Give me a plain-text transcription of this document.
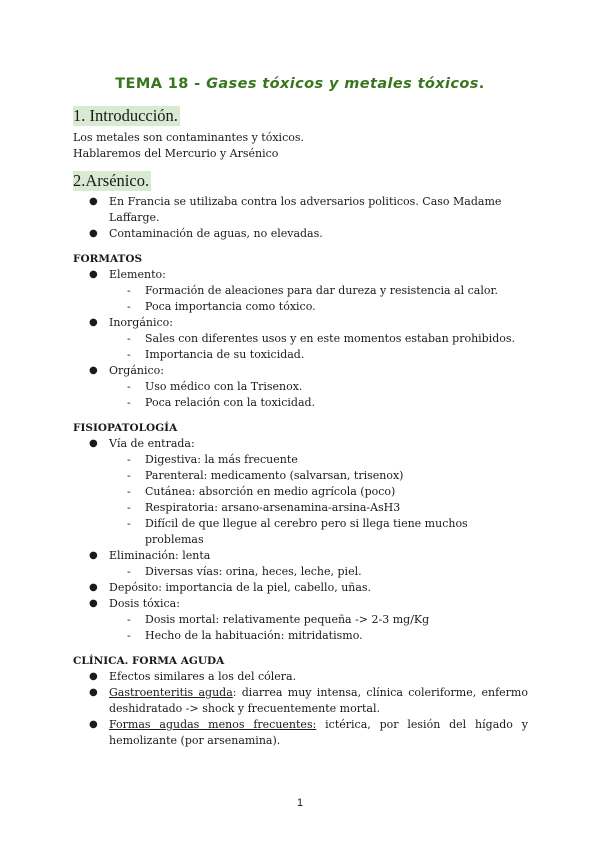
TEMA 18 - Gases tóxicos y metales tóxicos.
1. Introducción.

Los metales son contaminantes y tóxicos.

Hablaremos del Mercurio y Arsénico

2.Arsénico.
● En Francia se utilizaba contra los adversarios politicos. Caso Madame Laffarge.
● Contaminación de aguas, no elevadas.

FORMATOS

● Elemento:
- Formación de aleaciones para dar dureza y resistencia al calor.
- Poca importancia como tóxico.
● Inorgánico:
- Sales con diferentes usos y en este momentos estaban prohibidos.
- Importancia de su toxicidad.
● Orgánico:
- Uso médico con la Trisenox.
- Poca relación con la toxicidad.

FISIOPATOLOGÍA

● Vía de entrada:
- Digestiva: la más frecuente
- Parenteral: medicamento (salvarsan, trisenox)
- Cutánea: absorción en medio agrícola (poco)
- Respiratoria: arsano-arsenamina-arsina-AsH3
- Difícil de que llegue al cerebro pero si llega tiene muchos problemas
● Eliminación: lenta
- Diversas vías: orina, heces, leche, piel.
● Depósito: importancia de la piel, cabello, uñas.
● Dosis tóxica:
- Dosis mortal: relativamente pequeña -> 2-3 mg/Kg
- Hecho de la habituación: mitridatismo.

CLÍNICA. FORMA AGUDA

● Efectos similares a los del cólera.
● Gastroenteritis aguda: diarrea muy intensa, clínica coleriforme, enfermo deshidratado -> shock y frecuentemente mortal.
● Formas agudas menos frecuentes: ictérica, por lesión del hígado y hemolizante (por arsenamina).
1
